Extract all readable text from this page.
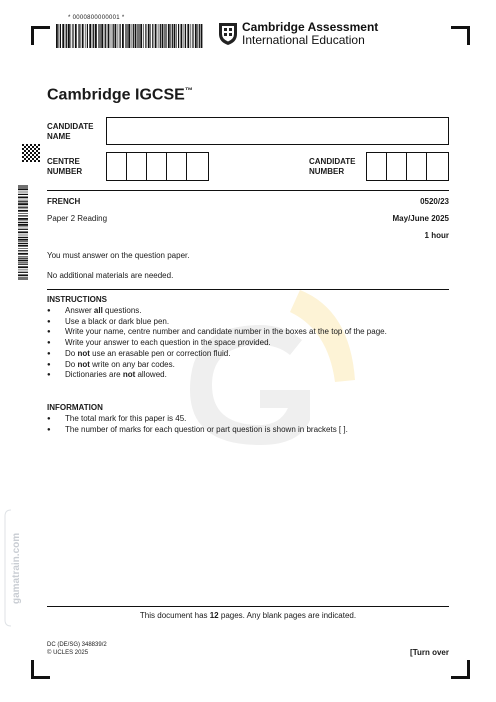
* 0000800000001 *
Cambridge Assessment
International Education
Cambridge IGCSE™
CANDIDATE
NAME
CENTRE
NUMBER
CANDIDATE
NUMBER
FRENCH	0520/23
Paper 2 Reading	May/June 2025
1 hour
You must answer on the question paper.
No additional materials are needed.
INSTRUCTIONS
● Answer all questions.
● Use a black or dark blue pen.
● Write your name, centre number and candidate number in the boxes at the top of the page.
● Write your answer to each question in the space provided.
● Do not use an erasable pen or correction fluid.
● Do not write on any bar codes.
● Dictionaries are not allowed.
INFORMATION
● The total mark for this paper is 45.
● The number of marks for each question or part question is shown in brackets [ ].
gamatrain.com
This document has 12 pages. Any blank pages are indicated.
DC (DE/SG) 348839/2
© UCLES 2025	[Turn over
